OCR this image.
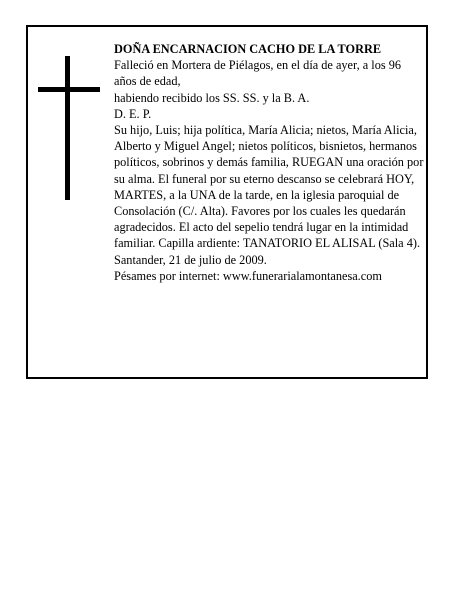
DOÑA ENCARNACION CACHO DE LA TORRE

Falleció en Mortera de Piélagos, en el día de ayer, a los 96 años de edad,

habiendo recibido los SS. SS. y la B. A.

D. E. P.

Su hijo, Luis; hija política, María Alicia; nietos, María Alicia, Alberto y Miguel Angel; nietos políticos, bisnietos, hermanos políticos, sobrinos y demás familia, RUEGAN una oración por su alma. El funeral por su eterno descanso se celebrará HOY, MARTES, a la UNA de la tarde, en la iglesia paroquial de Consolación (C/. Alta). Favores por los cuales les quedarán agradecidos. El acto del sepelio tendrá lugar en la intimidad familiar. Capilla ardiente: TANATORIO EL ALISAL (Sala 4).

Santander, 21 de julio de 2009.

Pésames por internet: www.funerarialamontanesa.com
